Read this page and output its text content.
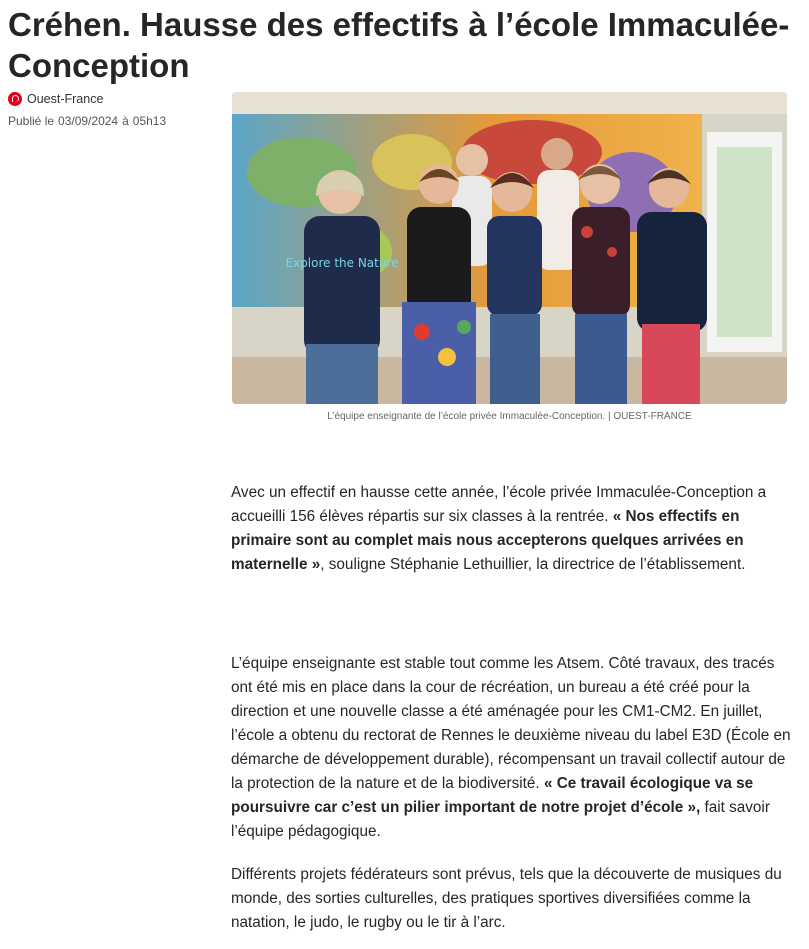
Créhen. Hausse des effectifs à l’école Immaculée-Conception
Ouest-France
Publié le 03/09/2024 à 05h13
Explore the Nature
L’équipe enseignante de l’école privée Immaculée-Conception. | OUEST-FRANCE

Avec un effectif en hausse cette année, l’école privée Immaculée-Conception a accueilli 156 élèves répartis sur six classes à la rentrée. « Nos effectifs en primaire sont au complet mais nous accepterons quelques arrivées en maternelle », souligne Stéphanie Lethuillier, la directrice de l’établissement.

L’équipe enseignante est stable tout comme les Atsem. Côté travaux, des tracés ont été mis en place dans la cour de récréation, un bureau a été créé pour la direction et une nouvelle classe a été aménagée pour les CM1-CM2. En juillet, l’école a obtenu du rectorat de Rennes le deuxième niveau du label E3D (École en démarche de développement durable), récompensant un travail collectif autour de la protection de la nature et de la biodiversité. « Ce travail écologique va se poursuivre car c’est un pilier important de notre projet d’école », fait savoir l’équipe pédagogique.

Différents projets fédérateurs sont prévus, tels que la découverte de musiques du monde, des sorties culturelles, des pratiques sportives diversifiées comme la natation, le judo, le rugby ou le tir à l’arc.
